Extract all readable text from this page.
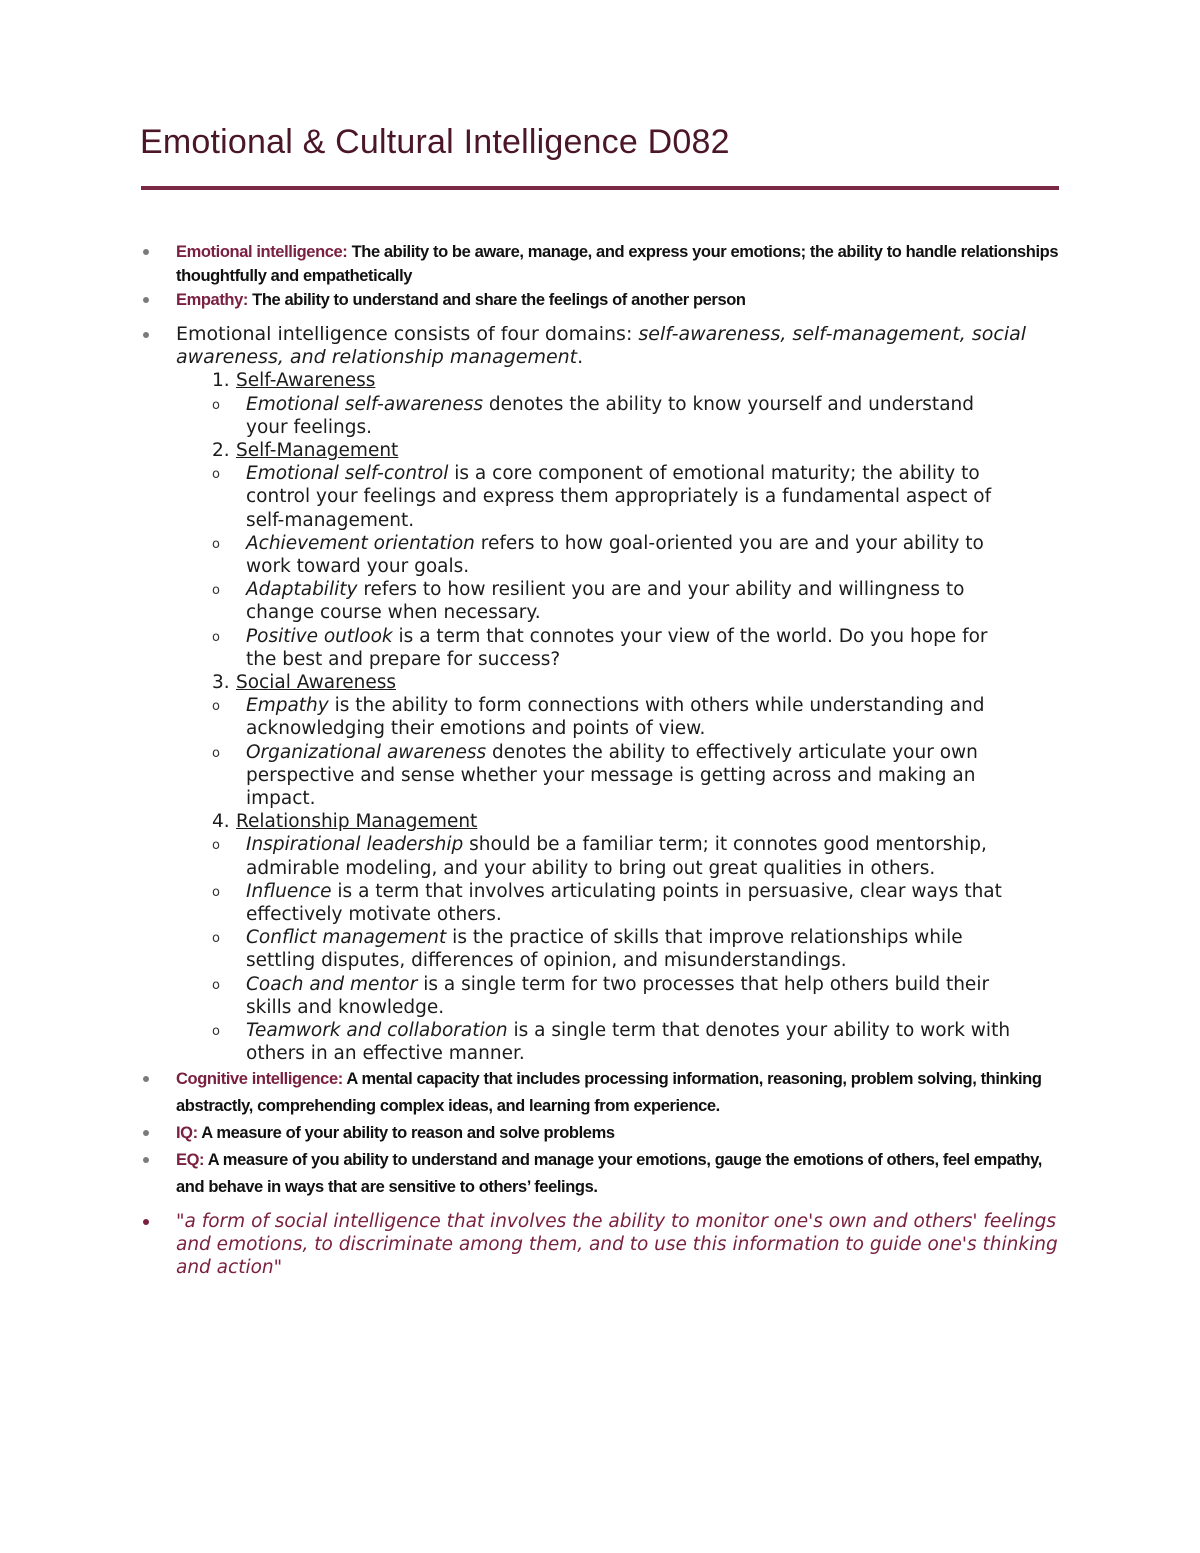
Emotional & Cultural Intelligence D082
Emotional intelligence: The ability to be aware, manage, and express your emotions; the ability to handle relationships thoughtfully and empathetically
Empathy: The ability to understand and share the feelings of another person
Emotional intelligence consists of four domains: self-awareness, self-management, social awareness, and relationship management.
1. Self-Awareness
o Emotional self-awareness denotes the ability to know yourself and understand your feelings.
2. Self-Management
o Emotional self-control is a core component of emotional maturity; the ability to control your feelings and express them appropriately is a fundamental aspect of self-management.
o Achievement orientation refers to how goal-oriented you are and your ability to work toward your goals.
o Adaptability refers to how resilient you are and your ability and willingness to change course when necessary.
o Positive outlook is a term that connotes your view of the world. Do you hope for the best and prepare for success?
3. Social Awareness
o Empathy is the ability to form connections with others while understanding and acknowledging their emotions and points of view.
o Organizational awareness denotes the ability to effectively articulate your own perspective and sense whether your message is getting across and making an impact.
4. Relationship Management
o Inspirational leadership should be a familiar term; it connotes good mentorship, admirable modeling, and your ability to bring out great qualities in others.
o Influence is a term that involves articulating points in persuasive, clear ways that effectively motivate others.
o Conflict management is the practice of skills that improve relationships while settling disputes, differences of opinion, and misunderstandings.
o Coach and mentor is a single term for two processes that help others build their skills and knowledge.
o Teamwork and collaboration is a single term that denotes your ability to work with others in an effective manner.
Cognitive intelligence: A mental capacity that includes processing information, reasoning, problem solving, thinking abstractly, comprehending complex ideas, and learning from experience.
IQ: A measure of your ability to reason and solve problems
EQ: A measure of you ability to understand and manage your emotions, gauge the emotions of others, feel empathy, and behave in ways that are sensitive to others’ feelings.
"a form of social intelligence that involves the ability to monitor one's own and others' feelings and emotions, to discriminate among them, and to use this information to guide one's thinking and action"
